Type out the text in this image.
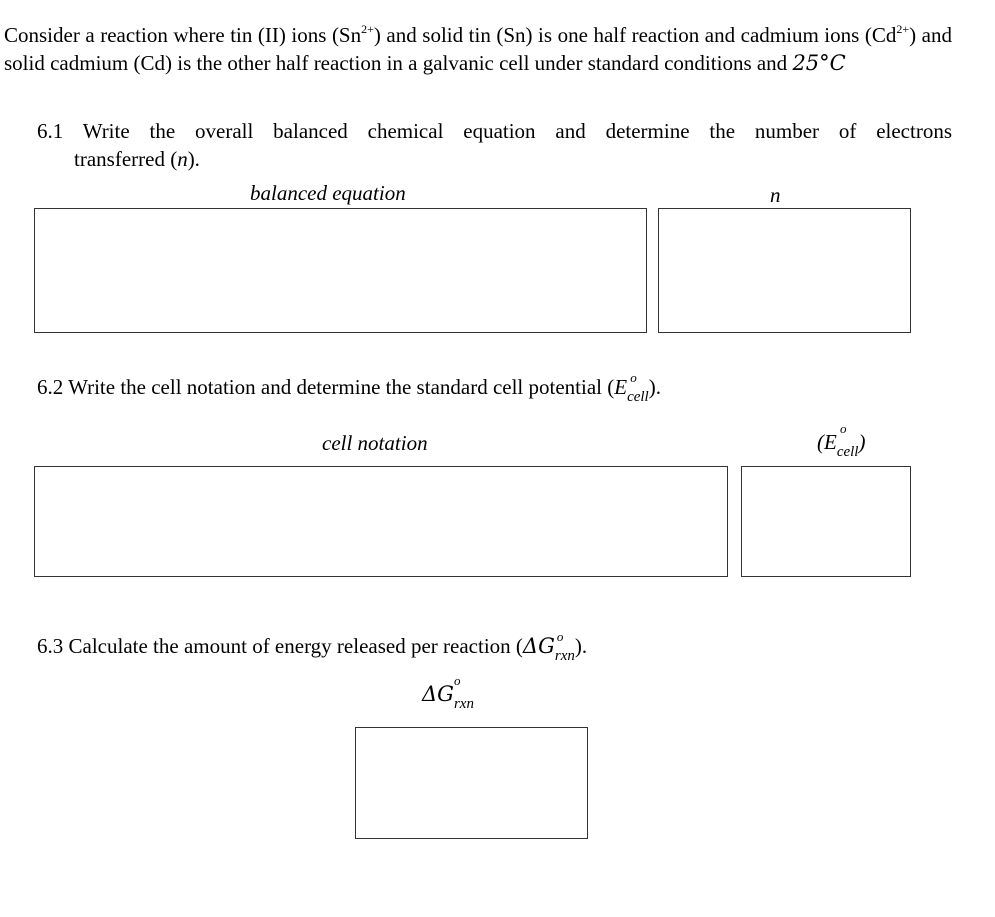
Consider a reaction where tin (II) ions $(Sn^{2+})$ and solid tin (Sn) is one half reaction and cadmium ions $(Cd^{2+})$ and solid cadmium (Cd) is the other half reaction in a galvanic cell under standard conditions and 25°C
6.1 Write the overall balanced chemical equation and determine the number of electrons
transferred (n).
balanced equation	n
6.2 Write the cell notation and determine the standard cell potential (E o
$_{cell}$).
cell notation	(E
o
$_{cell}$)
6.3 Calculate the amount of energy released per reaction (ΔG o
$_{rxn}$).
ΔG
o
$_{rxn}$
